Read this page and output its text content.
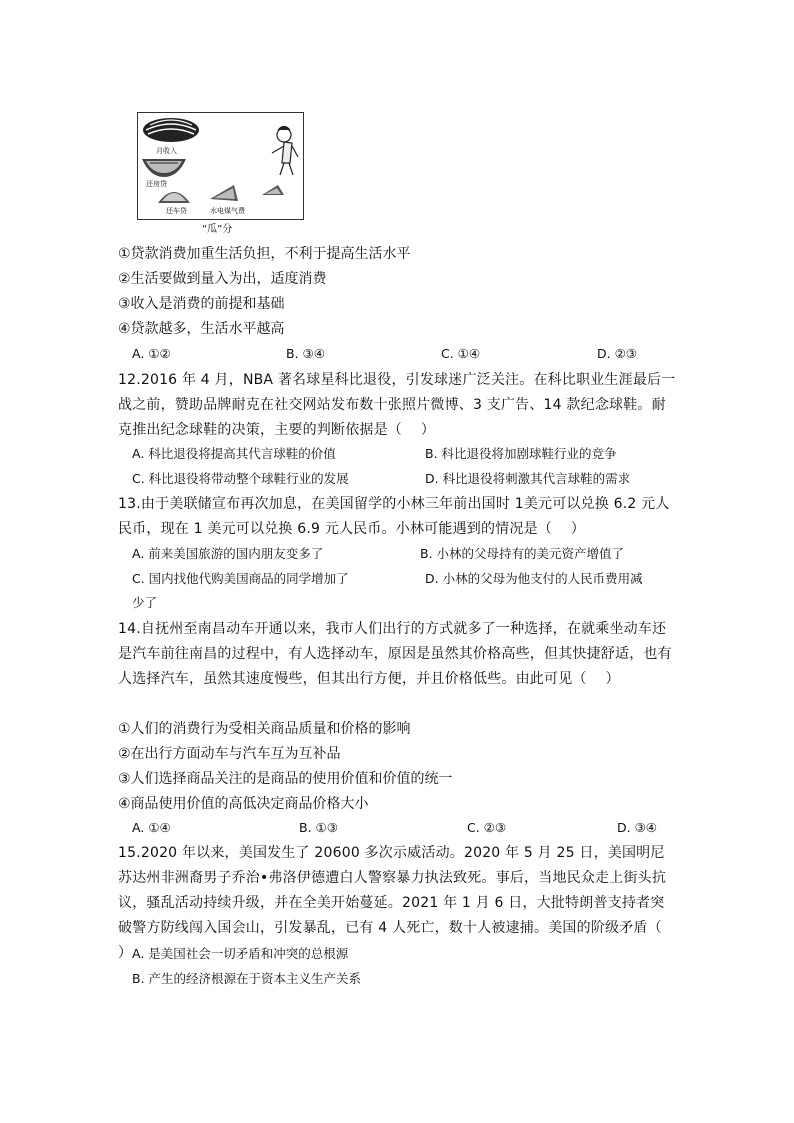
月收入
还房贷
还车贷	水电煤气费
“瓜”分
①贷款消费加重生活负担，不利于提高生活水平
②生活要做到量入为出，适度消费
③收入是消费的前提和基础
④贷款越多，生活水平越高
A. ①②	B. ③④	C. ①④	D. ②③
12.2016 年 4 月，NBA 著名球星科比退役，引发球迷广泛关注。在科比职业生涯最后一战之前，赞助品牌耐克在社交网站发布数十张照片微博、3 支广告、14 款纪念球鞋。耐克推出纪念球鞋的决策，主要的判断依据是（　 ）
A. 科比退役将提高其代言球鞋的价值	B. 科比退役将加剧球鞋行业的竞争
C. 科比退役将带动整个球鞋行业的发展	D. 科比退役将刺激其代言球鞋的需求
13.由于美联储宣布再次加息，在美国留学的小林三年前出国时 1美元可以兑换 6.2 元人民币，现在 1 美元可以兑换 6.9 元人民币。小林可能遇到的情况是（　 ）
A. 前来美国旅游的国内朋友变多了	B. 小林的父母持有的美元资产增值了
C. 国内找他代购美国商品的同学增加了	D. 小林的父母为他支付的人民币费用减
少了
14.自抚州至南昌动车开通以来，我市人们出行的方式就多了一种选择，在就乘坐动车还是汽车前往南昌的过程中，有人选择动车，原因是虽然其价格高些，但其快捷舒适，也有人选择汽车，虽然其速度慢些，但其出行方便，并且价格低些。由此可见（　 ）
①人们的消费行为受相关商品质量和价格的影响
②在出行方面动车与汽车互为互补品
③人们选择商品关注的是商品的使用价值和价值的统一
④商品使用价值的高低决定商品价格大小
A. ①④	B. ①③	C. ②③	D. ③④
15.2020 年以来，美国发生了 20600 多次示威活动。2020 年 5 月 25 日，美国明尼苏达州非洲裔男子乔治•弗洛伊德遭白人警察暴力执法致死。事后，当地民众走上街头抗议，骚乱活动持续升级，并在全美开始蔓延。2021 年 1 月 6 日，大批特朗普支持者突破警方防线闯入国会山，引发暴乱，已有 4 人死亡，数十人被逮捕。美国的阶级矛盾（　 ） A. 是美国社会一切矛盾和冲突的总根源
B. 产生的经济根源在于资本主义生产关系
